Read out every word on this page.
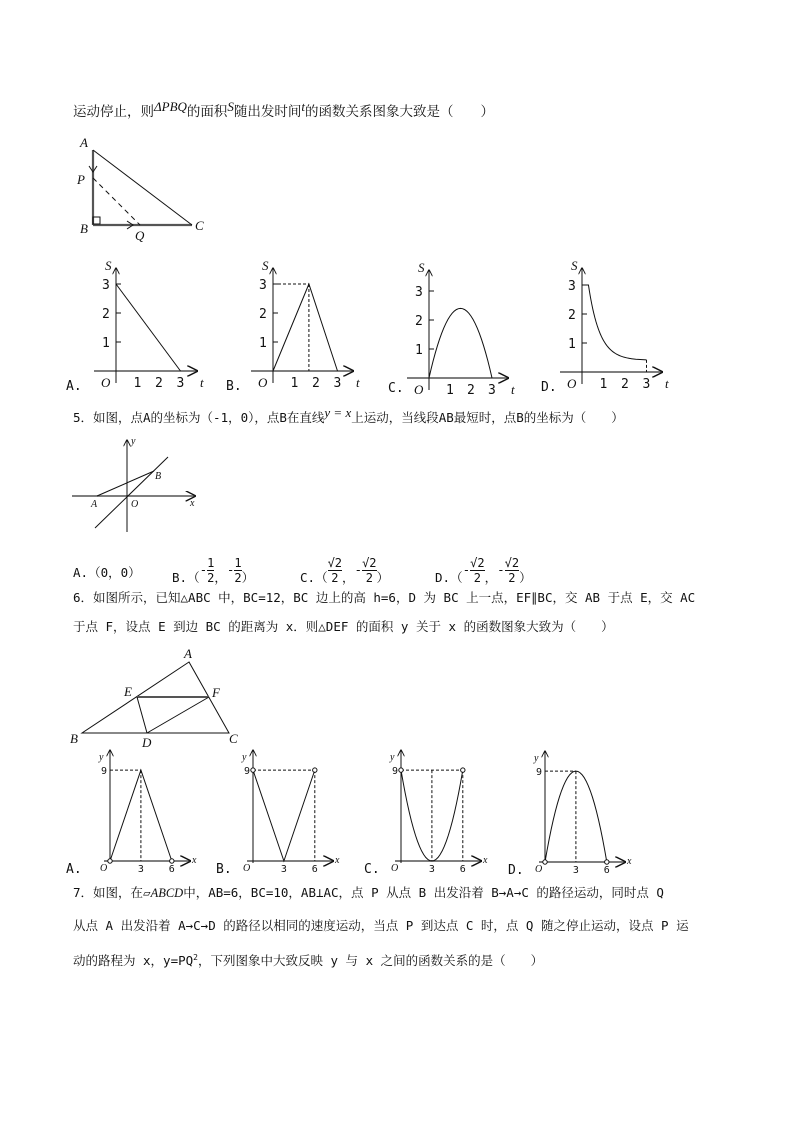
运动停止，则ΔPBQ的面积S随出发时间t的函数关系图象大致是（　　）
5．如图，点A的坐标为（-1，0），点B在直线y = x上运动，当线段AB最短时，点B的坐标为（　　）
A.（0，0）	$B.(- \frac{1}{2}$ ，- $\frac{1}{2}$ ）	$C.( \frac{√2}{2}$ ，- $\frac{√2}{2}$ ）	$D.(- \frac{√2}{2}$ ，- $\frac{√2}{2}$ ）
6．如图所示，已知△ABC 中，BC=12，BC 边上的高 h=6，D 为 BC 上一点，EF∥BC，交 AB 于点 E，交 AC
于点 F，设点 E 到边 BC 的距离为 x．则△DEF 的面积 y 关于 x 的函数图象大致为（　　）
7．如图，在▱ABCD中，AB=6，BC=10，AB⊥AC，点 P 从点 B 出发沿着 B→A→C 的路径运动，同时点 Q
从点 A 出发沿着 A→C→D 的路径以相同的速度运动，当点 P 到达点 C 时，点 Q 随之停止运动，设点 P 运
动的路程为 x，$y=PQ^2$，下列图象中大致反映 y 与 x 之间的函数关系的是（　　）
A
P
B	Q
C
y
x
A	O
B
A
B	C
D
E	F
1
1
2
2
3
3
O
S
t
A.
1
1
2
2
3
3
O
S
t
B.
1
1
2
2
3
3
O
S
t
C.
1
1
2
2
3
3
O
S
t
D.
y
x
O
9
3 6
A.
y
x
O
9
3 6
B.
y
x
O
9
3 6
C.
y
x
O
9
3 6
D.
